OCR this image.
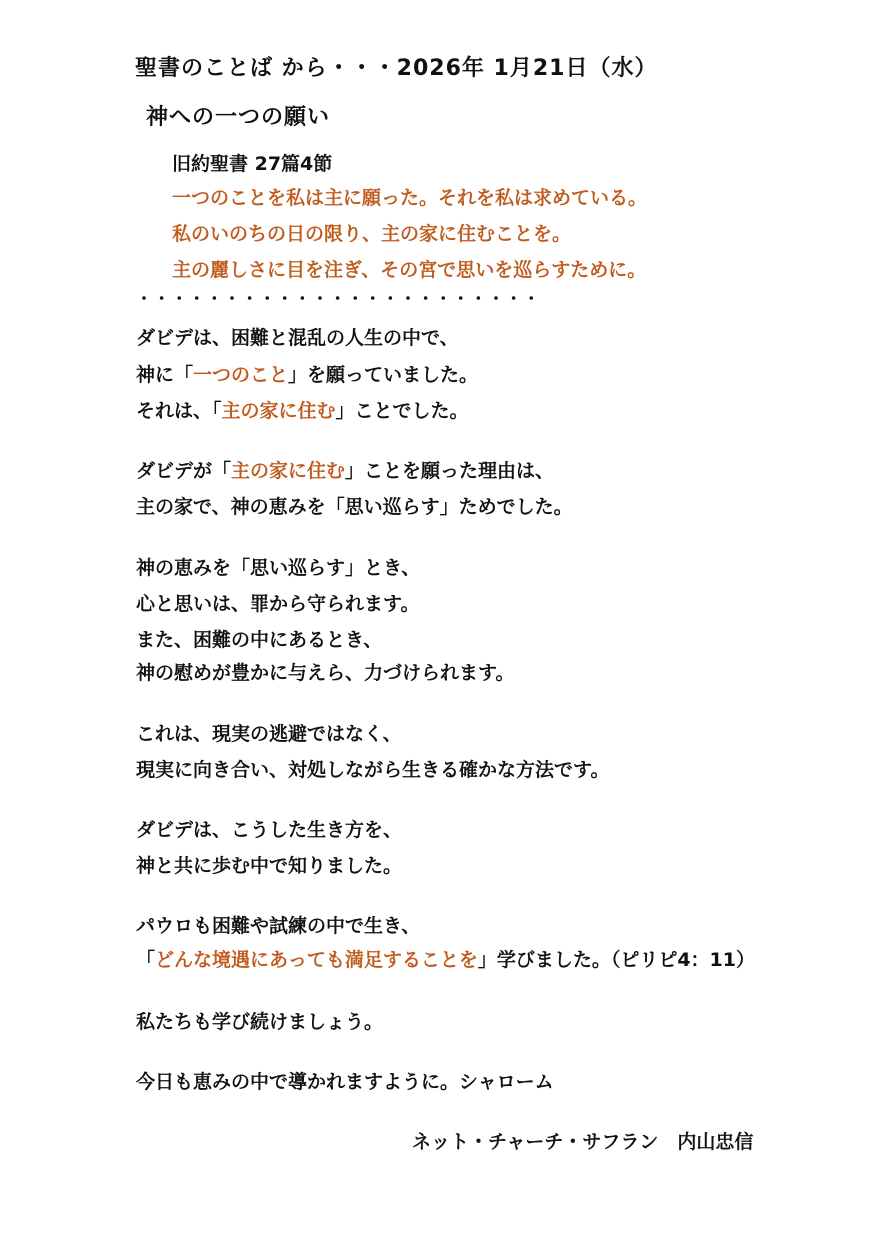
聖書のことば から・・・2026年 1月21日（水）
神への一つの願い
旧約聖書 27篇4節
一つのことを私は主に願った。それを私は求めている。
私のいのちの日の限り、主の家に住むことを。
主の麗しさに目を注ぎ、その宮で思いを巡らすために。
・・・・・・・・・・・・・・・・・・・・・・・
ダビデは、困難と混乱の人生の中で、
神に「一つのこと」を願っていました。
それは、「主の家に住む」ことでした。
ダビデが「主の家に住む」ことを願った理由は、
主の家で、神の恵みを「思い巡らす」ためでした。
神の恵みを「思い巡らす」とき、
心と思いは、罪から守られます。
また、困難の中にあるとき、
神の慰めが豊かに与えら、力づけられます。
これは、現実の逃避ではなく、
現実に向き合い、対処しながら生きる確かな方法です。
ダビデは、こうした生き方を、
神と共に歩む中で知りました。
パウロも困難や試練の中で生き、
「どんな境遇にあっても満足することを」学びました。（ピリピ4：11）
私たちも学び続けましょう。
今日も恵みの中で導かれますように。シャローム
ネット・チャーチ・サフラン　内山忠信
